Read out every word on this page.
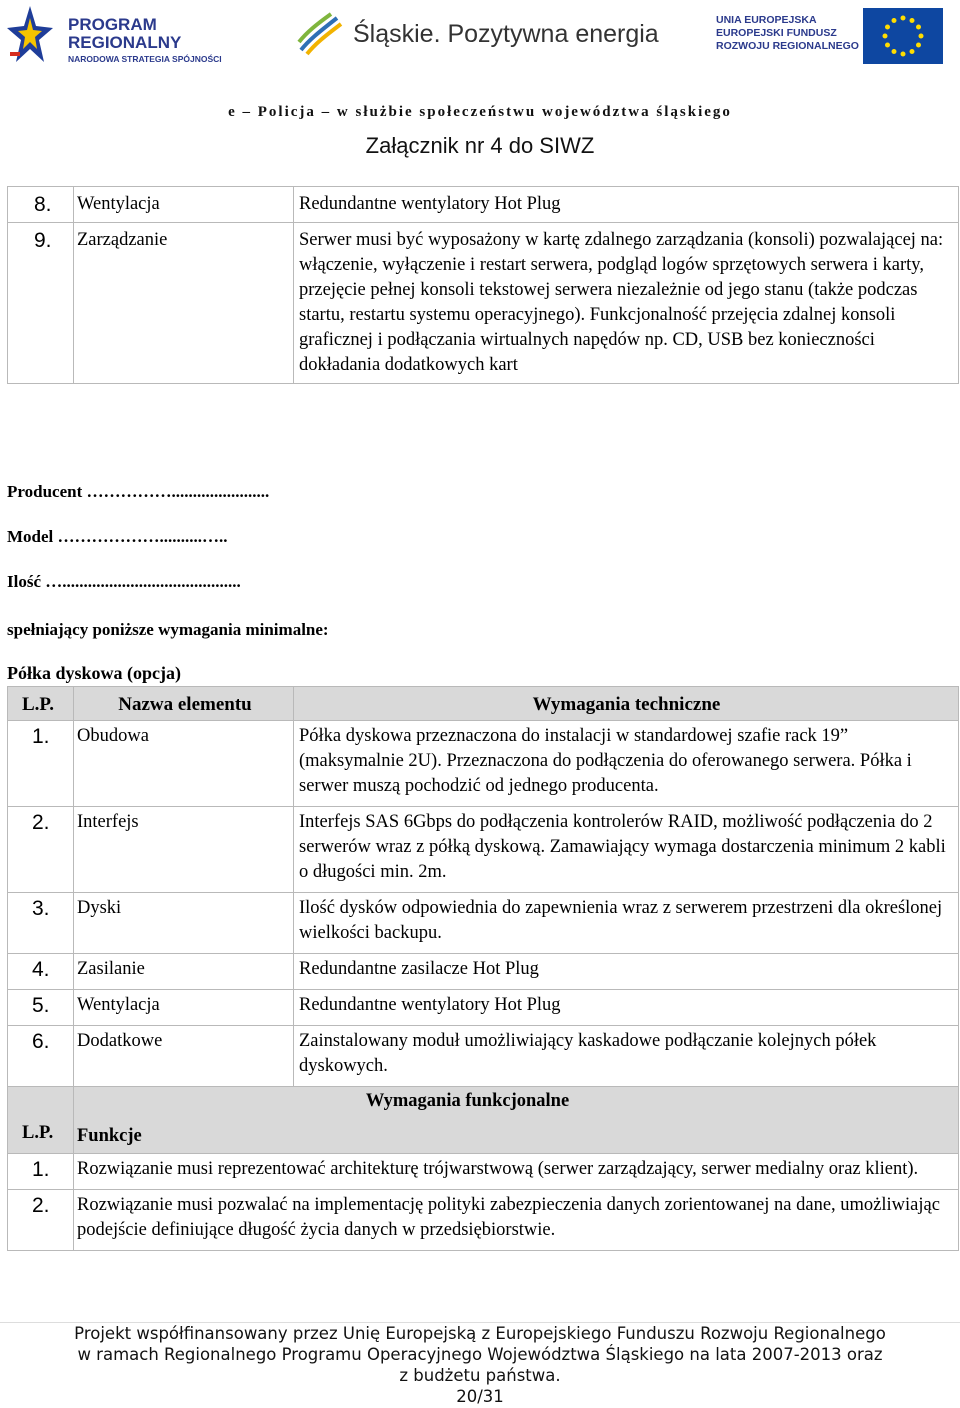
PROGRAM
REGIONALNY
NARODOWA STRATEGIA SPÓJNOŚCI
Śląskie. Pozytywna energia	UNIA EUROPEJSKA
EUROPEJSKI FUNDUSZ
ROZWOJU REGIONALNEGO
e – Policja – w służbie społeczeństwu województwa śląskiego
Załącznik nr 4 do SIWZ
8.	Wentylacja	Redundantne wentylatory Hot Plug
9.	Zarządzanie	Serwer musi być wyposażony w kartę zdalnego zarządzania (konsoli) pozwalającej na: włączenie, wyłączenie i restart serwera, podgląd logów sprzętowych serwera i karty, przejęcie pełnej konsoli tekstowej serwera niezależnie od jego stanu (także podczas startu, restartu systemu operacyjnego). Funkcjonalność przejęcia zdalnej konsoli graficznej i podłączania wirtualnych napędów np. CD, USB bez konieczności dokładania dodatkowych kart
Producent …………….......................
Model ………………..........…..
Ilość …..........................................
spełniający poniższe wymagania minimalne:
Półka dyskowa (opcja)
L.P.	Nazwa elementu	Wymagania techniczne
1.	Obudowa	Półka dyskowa przeznaczona do instalacji w standardowej szafie rack 19” (maksymalnie 2U). Przeznaczona do podłączenia do oferowanego serwera. Półka i serwer muszą pochodzić od jednego producenta.
2.	Interfejs	Interfejs SAS 6Gbps do podłączenia kontrolerów RAID, możliwość podłączenia do 2 serwerów wraz z półką dyskową. Zamawiający wymaga dostarczenia minimum 2 kabli o długości min. 2m.
3.	Dyski	Ilość dysków odpowiednia do zapewnienia wraz z serwerem przestrzeni dla określonej wielkości backupu.
4.	Zasilanie	Redundantne zasilacze Hot Plug
5.	Wentylacja	Redundantne wentylatory Hot Plug
6.	Dodatkowe	Zainstalowany moduł umożliwiający kaskadowe podłączanie kolejnych półek dyskowych.
L.P.	Wymagania funkcjonalne
Funkcje	

1.	Rozwiązanie musi reprezentować architekturę trójwarstwową (serwer zarządzający, serwer medialny oraz klient).	
2.	Rozwiązanie musi pozwalać na implementację polityki zabezpieczenia danych zorientowanej na dane, umożliwiając podejście definiujące długość życia danych w przedsiębiorstwie.	
Projekt współfinansowany przez Unię Europejską z Europejskiego Funduszu Rozwoju Regionalnego
w ramach Regionalnego Programu Operacyjnego Województwa Śląskiego na lata 2007-2013 oraz
z budżetu państwa.
20/31
